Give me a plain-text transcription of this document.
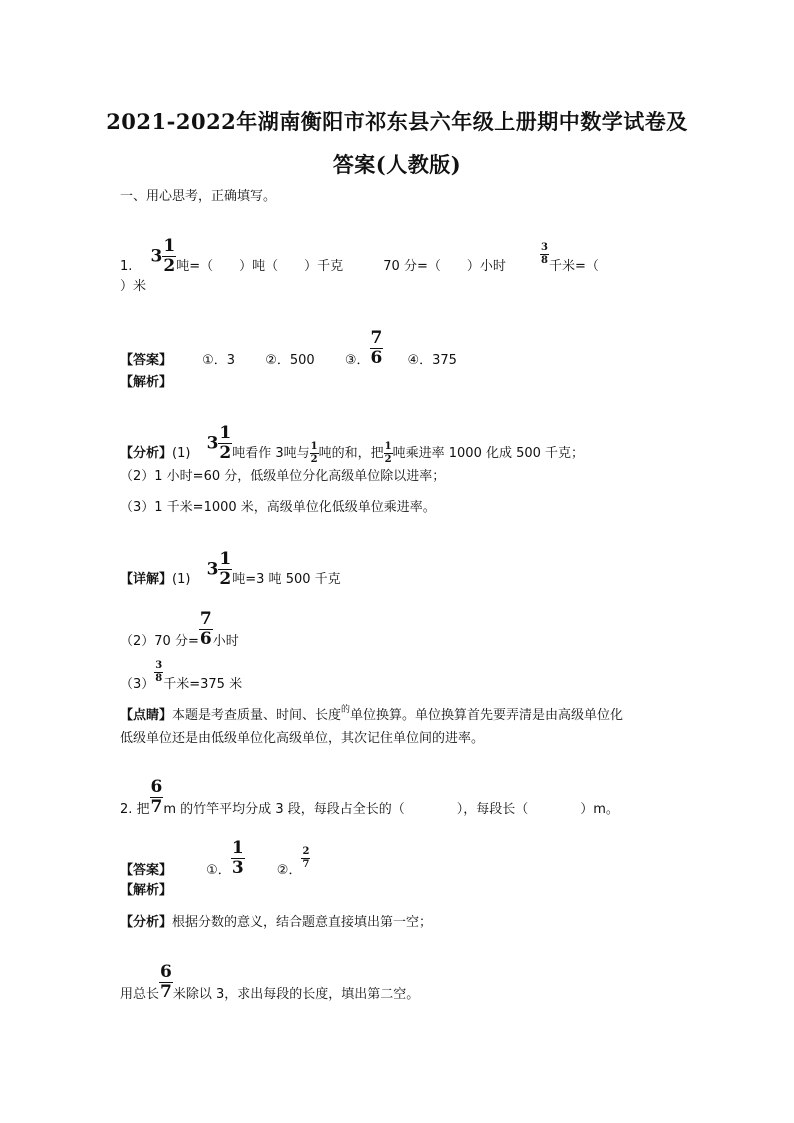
2021-2022年湖南衡阳市祁东县六年级上册期中数学试卷及
答案(人教版)
一、用心思考，正确填写。
1. $3 \frac{1}{2}$ 吨=（　　）吨（　　）千克	70 分=（　　）小时
$\frac{3}{8}$
千米=（
）米
【答案】 ①．3 ②．500 ③． $\frac{7}{6}$ ④．375
【解析】
【分析】(1) $3 \frac{1}{2}$ 吨看作 3吨与 $\frac{1}{2}$ 吨的和，把 $\frac{1}{2}$ 吨乘进率 1000 化成 500 千克；
（2）1 小时=60 分，低级单位分化高级单位除以进率；
（3）1 千米=1000 米，高级单位化低级单位乘进率。
【详解】(1) $3 \frac{1}{2}$ 吨=3 吨 500 千克
（2）70 分= $\frac{7}{6}$ 小时
（3）
$\frac{3}{8}$
千米=375 米
【点睛】本题是考查质量、时间、长度$^的$单位换算。单位换算首先要弄清是由高级单位化
低级单位还是由低级单位化高级单位，其次记住单位间的进率。
2. 把 $\frac{6}{7}$ m 的竹竿平均分成 3 段，每段占全长的（　　　　），每段长（　　　　）m。
【答案】	①． $\frac{1}{3}$ ②．
$\frac{2}{7}$
【解析】
【分析】根据分数的意义，结合题意直接填出第一空；
用总长 $\frac{6}{7}$ 米除以 3，求出每段的长度，填出第二空。
